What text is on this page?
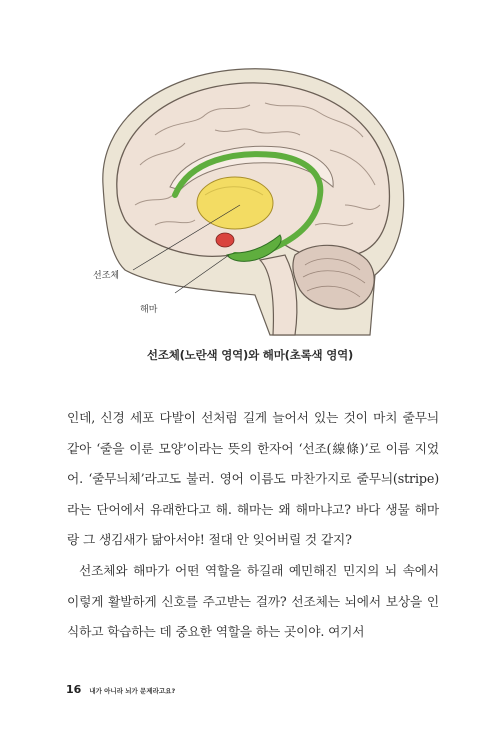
선조체
해마
선조체(노란색 영역)와 해마(초록색 영역)

인데, 신경 세포 다발이 선처럼 길게 늘어서 있는 것이 마치 줄무늬 같아 ‘줄을 이룬 모양’이라는 뜻의 한자어 ‘선조(線條)’로 이름 지었어. ‘줄무늬체’라고도 불러. 영어 이름도 마찬가지로 줄무늬(stripe)라는 단어에서 유래한다고 해. 해마는 왜 해마냐고? 바다 생물 해마랑 그 생김새가 닮아서야! 절대 안 잊어버릴 것 같지?

선조체와 해마가 어떤 역할을 하길래 예민해진 민지의 뇌 속에서 이렇게 활발하게 신호를 주고받는 걸까? 선조체는 뇌에서 보상을 인식하고 학습하는 데 중요한 역할을 하는 곳이야. 여기서

16 내가 아니라 뇌가 문제라고요?
